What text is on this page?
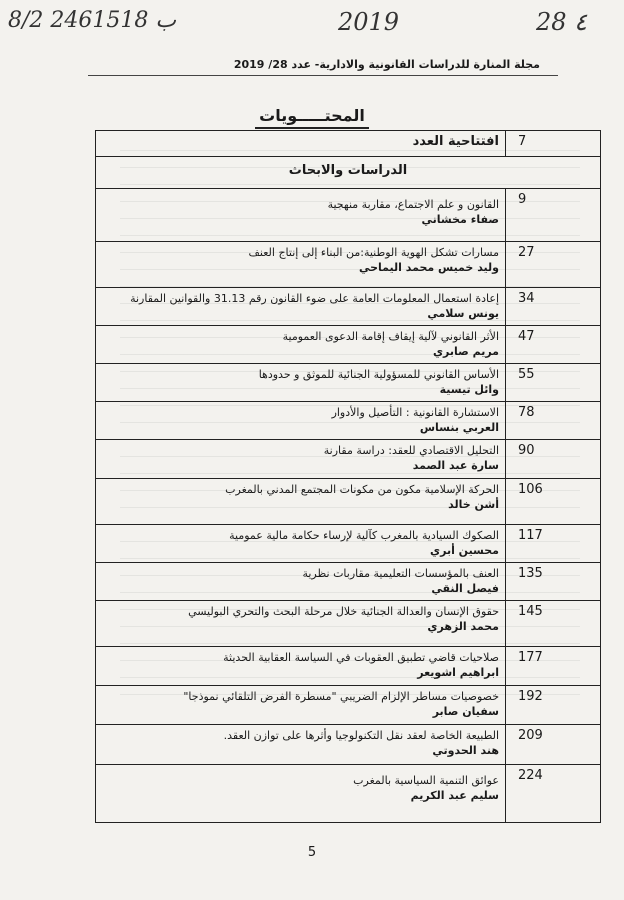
8/2 ب 2461518	2019	28 ٤
مجلة المنارة للدراسات القانونية والادارية- عدد 28/ 2019
المحتـــــويات
افتتاحية العدد	7
الدراسات والابحاث	

القانون و علم الاجتماع، مقاربة منهجية
صفاء مخشاني	9

مسارات تشكل الهوية الوطنية:من البناء إلى إنتاج العنف
وليد خميس محمد اليماحي	27

إعادة استعمال المعلومات العامة على ضوء القانون رقم 31.13 والقوانين المقارنة
يونس سلامي	34

الأثر القانوني لآلية إيقاف إقامة الدعوى العمومية
مريم صابري	47

الأساس القانوني للمسؤولية الجنائية للموثق و حدودها
وائل تيسية	55

الاستشارة القانونية : التأصيل والأدوار
العربي بنساس	78

التحليل الاقتصادي للعقد: دراسة مقارنة
سارة عبد الصمد	90

الحركة الإسلامية مكون من مكونات المجتمع المدني بالمغرب
أشن خالد	106

الصكوك السيادية بالمغرب كآلية لإرساء حكامة مالية عمومية
محسين أبري	117

العنف بالمؤسسات التعليمية مقاربات نظرية
فيصل النقي	135

حقوق الإنسان والعدالة الجنائية خلال مرحلة البحث والتحري البوليسي
محمد الزهري	145

صلاحيات قاضي تطبيق العقوبات في السياسة العقابية الحديثة
ابراهيم اشويعر	177

خصوصيات مساطر الإلزام الضريبي "مسطرة الفرض التلقائي نموذجا"
سفيان صابر	192

الطبيعة الخاصة لعقد نقل التكنولوجيا وأثرها على توازن العقد.
هند الحدوتي	209

عوائق التنمية السياسية بالمغرب
سليم عبد الكريم	224
5
